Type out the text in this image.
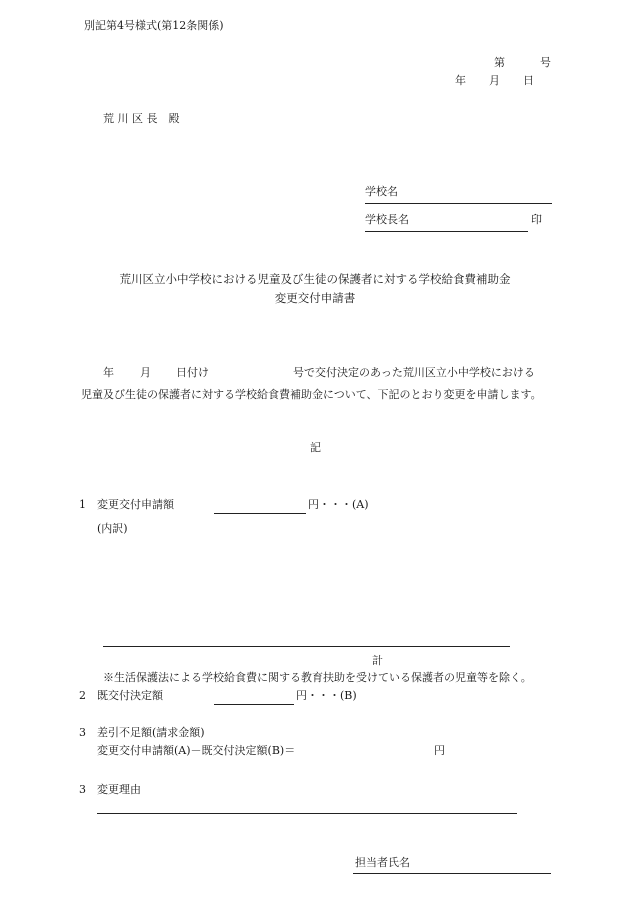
別記第4号様式(第12条関係)
第	号
年 月 日
荒 川 区 長　殿
学校名
学校長名	印
荒川区立小中学校における児童及び生徒の保護者に対する学校給食費補助金
変更交付申請書
年 月 日付け	号で交付決定のあった荒川区立小中学校における
児童及び生徒の保護者に対する学校給食費補助金について、下記のとおり変更を申請します。
記
1 変更交付申請額	円・・・(A)
(内訳)
計
※生活保護法による学校給食費に関する教育扶助を受けている保護者の児童等を除く。
2 既交付決定額	円・・・(B)
3 差引不足額(請求金額)
変更交付申請額(A)－既交付決定額(B)＝	円
3 変更理由
担当者氏名
